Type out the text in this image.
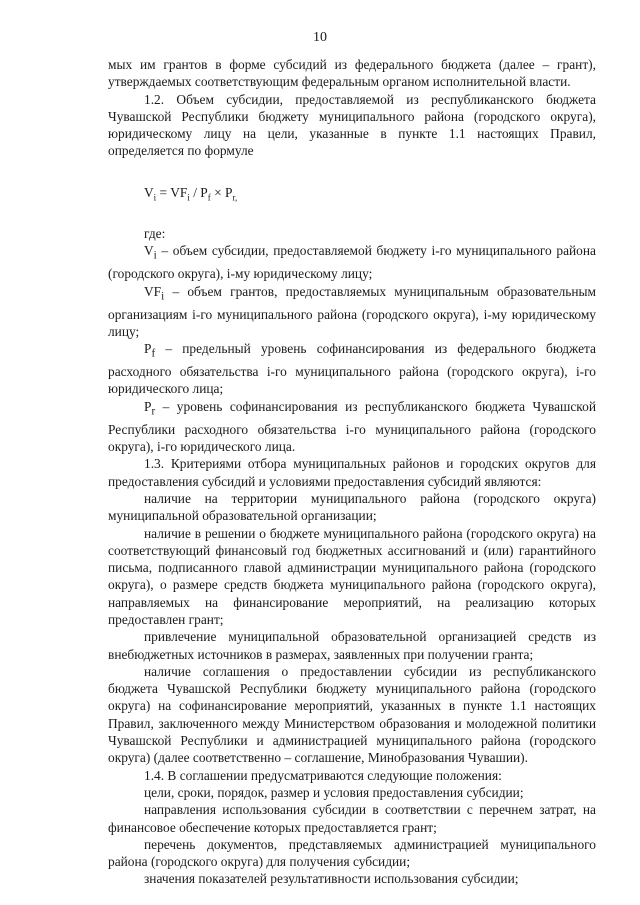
10

мых им грантов в форме субсидий из федерального бюджета (далее – грант), утверждаемых соответствующим федеральным органом исполнительной власти.

1.2. Объем субсидии, предоставляемой из республиканского бюджета Чувашской Республики бюджету муниципального района (городского округа), юридическому лицу на цели, указанные в пункте 1.1 настоящих Правил, определяется по формуле

$V_i = VF_i / P_f \times P_{r,}$

где:

$V_i$ – объем субсидии, предоставляемой бюджету i-го муниципального района (городского округа), i-му юридическому лицу;

$VF_i$ – объем грантов, предоставляемых муниципальным образовательным организациям i-го муниципального района (городского округа), i-му юридическому лицу;

$P_f$ – предельный уровень софинансирования из федерального бюджета расходного обязательства i-го муниципального района (городского округа), i-го юридического лица;

$P_r$ – уровень софинансирования из республиканского бюджета Чувашской Республики расходного обязательства i-го муниципального района (городского округа), i-го юридического лица.

1.3. Критериями отбора муниципальных районов и городских округов для предоставления субсидий и условиями предоставления субсидий являются:

наличие на территории муниципального района (городского округа) муниципальной образовательной организации;

наличие в решении о бюджете муниципального района (городского округа) на соответствующий финансовый год бюджетных ассигнований и (или) гарантийного письма, подписанного главой администрации муниципального района (городского округа), о размере средств бюджета муниципального района (городского округа), направляемых на финансирование мероприятий, на реализацию которых предоставлен грант;

привлечение муниципальной образовательной организацией средств из внебюджетных источников в размерах, заявленных при получении гранта;

наличие соглашения о предоставлении субсидии из республиканского бюджета Чувашской Республики бюджету муниципального района (городского округа) на софинансирование мероприятий, указанных в пункте 1.1 настоящих Правил, заключенного между Министерством образования и молодежной политики Чувашской Республики и администрацией муниципального района (городского округа) (далее соответственно – соглашение, Минобразования Чувашии).

1.4. В соглашении предусматриваются следующие положения:

цели, сроки, порядок, размер и условия предоставления субсидии;

направления использования субсидии в соответствии с перечнем затрат, на финансовое обеспечение которых предоставляется грант;

перечень документов, представляемых администрацией муниципального района (городского округа) для получения субсидии;

значения показателей результативности использования субсидии;
